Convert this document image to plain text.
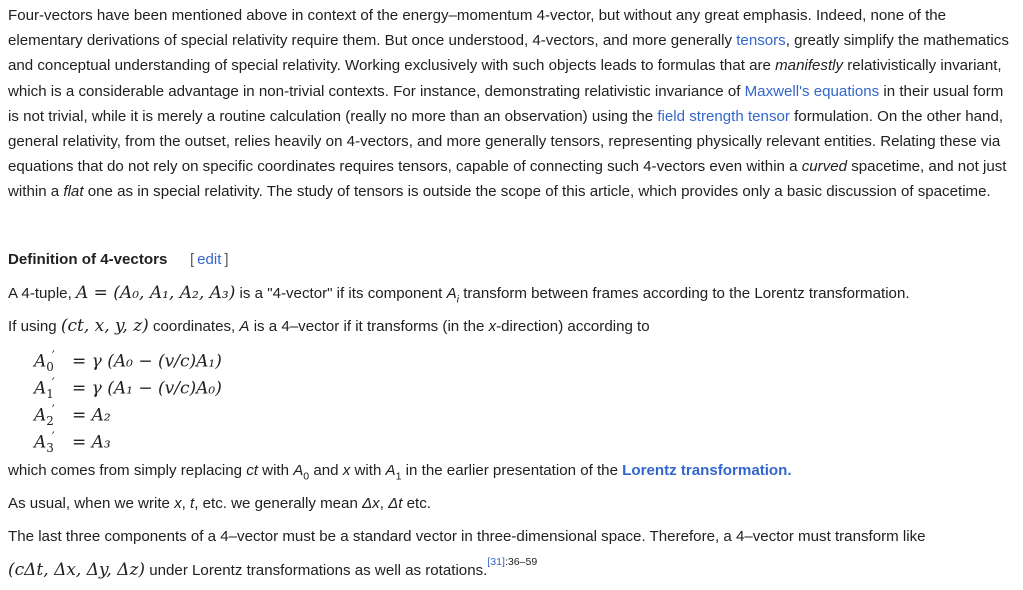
Four-vectors have been mentioned above in context of the energy–momentum 4-vector, but without any great emphasis. Indeed, none of the elementary derivations of special relativity require them. But once understood, 4-vectors, and more generally tensors, greatly simplify the mathematics and conceptual understanding of special relativity. Working exclusively with such objects leads to formulas that are manifestly relativistically invariant, which is a considerable advantage in non-trivial contexts. For instance, demonstrating relativistic invariance of Maxwell's equations in their usual form is not trivial, while it is merely a routine calculation (really no more than an observation) using the field strength tensor formulation. On the other hand, general relativity, from the outset, relies heavily on 4-vectors, and more generally tensors, representing physically relevant entities. Relating these via equations that do not rely on specific coordinates requires tensors, capable of connecting such 4-vectors even within a curved spacetime, and not just within a flat one as in special relativity. The study of tensors is outside the scope of this article, which provides only a basic discussion of spacetime.

Definition of 4-vectors [ edit ]
A 4-tuple, A = (A₀, A₁, A₂, A₃) is a "4-vector" if its component $A_i$ transform between frames according to the Lorentz transformation.
If using (ct, x, y, z) coordinates, A is a 4–vector if it transforms (in the x-direction) according to
$A_0' = \gamma$ (A₀ − (v/c)A₁)
$A_1' = \gamma$ (A₁ − (v/c)A₀)
$A_2' = A_2$
$A_3' = A_3$
which comes from simply replacing ct with $A_0$ and x with $A_1$ in the earlier presentation of the Lorentz transformation.
As usual, when we write x, t, etc. we generally mean Δx, Δt etc.
The last three components of a 4–vector must be a standard vector in three-dimensional space. Therefore, a 4–vector must transform like
(cΔt, Δx, Δy, Δz) under Lorentz transformations as well as rotations.$^{[31]:36-59}$
